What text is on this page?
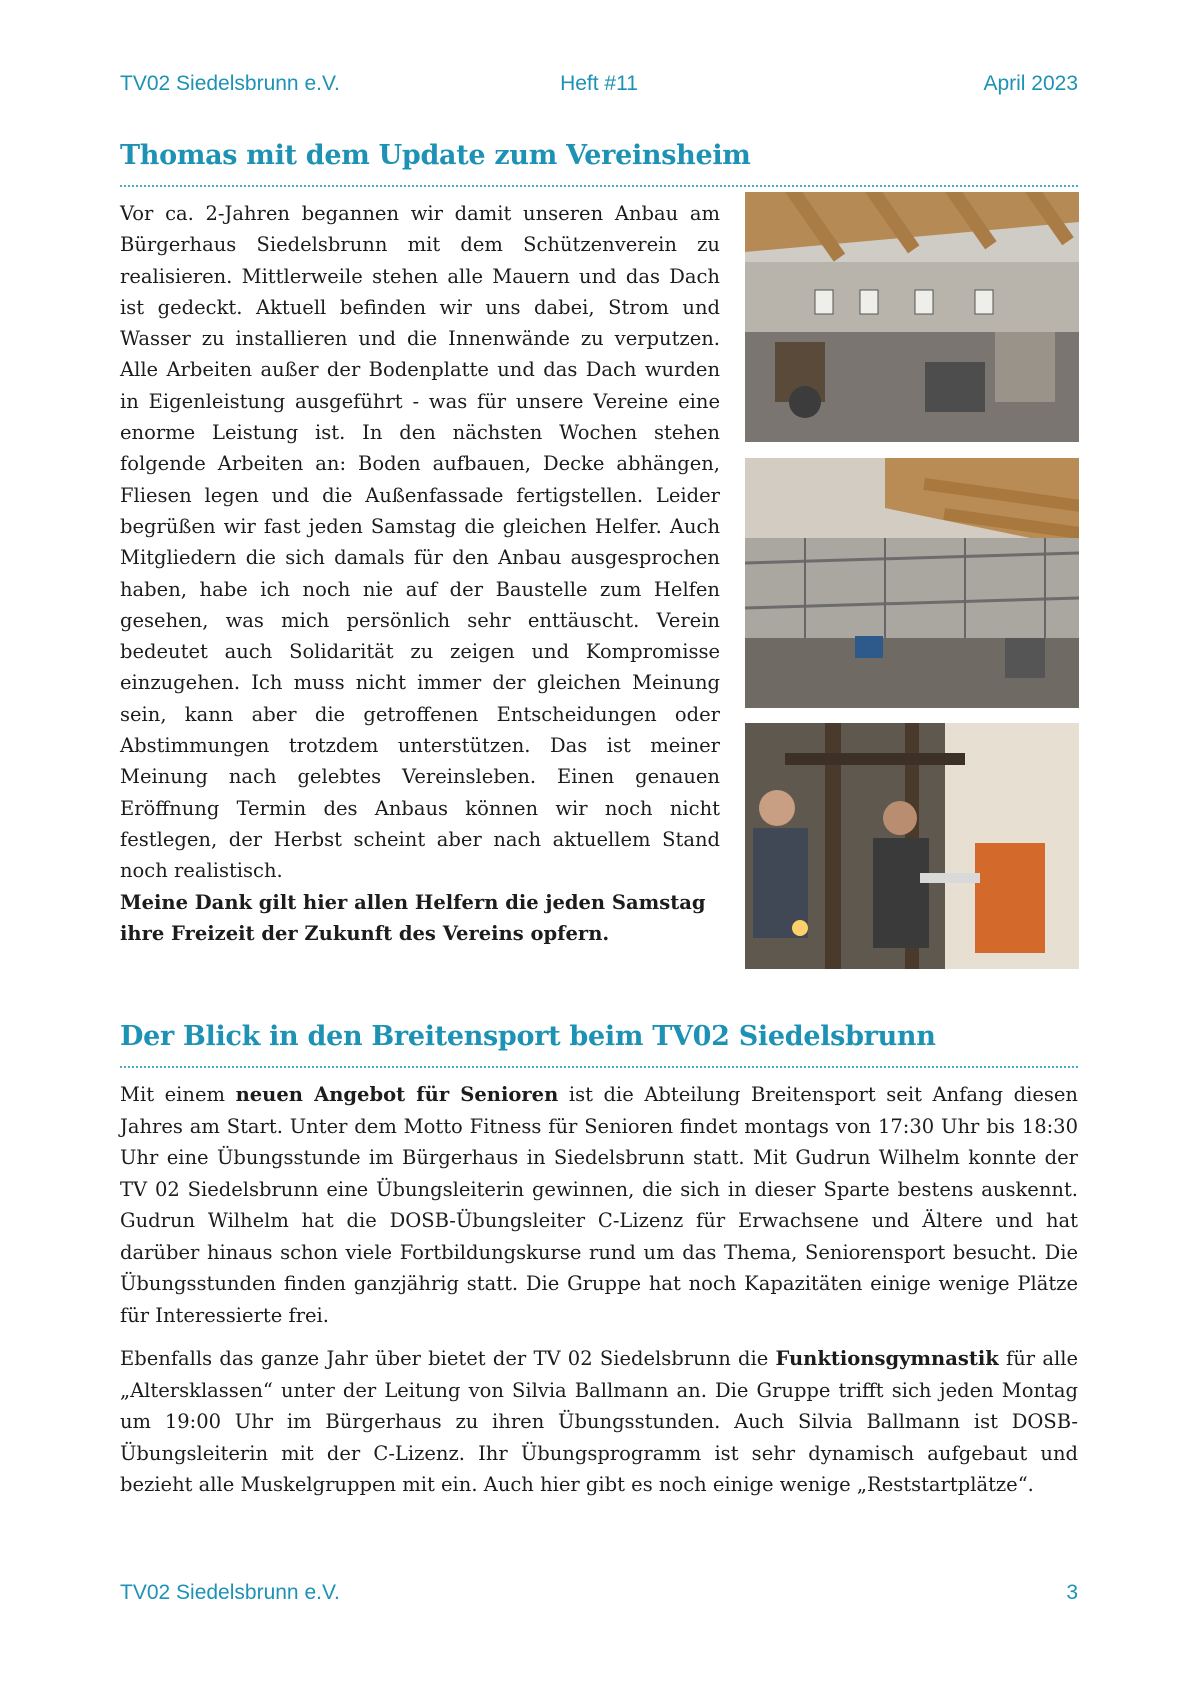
TV02 Siedelsbrunn e.V.	Heft #11	April 2023
Thomas mit dem Update zum Vereinsheim

Vor ca. 2-Jahren begannen wir damit unseren Anbau am Bürgerhaus Siedelsbrunn mit dem Schützenverein zu realisieren. Mittlerweile stehen alle Mauern und das Dach ist gedeckt. Aktuell befinden wir uns dabei, Strom und Wasser zu installieren und die Innenwände zu verputzen. Alle Arbeiten außer der Bodenplatte und das Dach wurden in Eigenleistung ausgeführt - was für unsere Vereine eine enorme Leistung ist. In den nächsten Wochen stehen folgende Arbeiten an: Boden aufbauen, Decke abhängen, Fliesen legen und die Außenfassade fertigstellen. Leider begrüßen wir fast jeden Samstag die gleichen Helfer. Auch Mitgliedern die sich damals für den Anbau ausgesprochen haben, habe ich noch nie auf der Baustelle zum Helfen gesehen, was mich persönlich sehr enttäuscht. Verein bedeutet auch Solidarität zu zeigen und Kompromisse einzugehen. Ich muss nicht immer der gleichen Meinung sein, kann aber die getroffenen Entscheidungen oder Abstimmungen trotzdem unterstützen. Das ist meiner Meinung nach gelebtes Vereinsleben. Einen genauen Eröffnung Termin des Anbaus können wir noch nicht festlegen, der Herbst scheint aber nach aktuellem Stand noch realistisch.

Meine Dank gilt hier allen Helfern die jeden Samstag ihre Freizeit der Zukunft des Vereins opfern.

Der Blick in den Breitensport beim TV02 Siedelsbrunn

Mit einem neuen Angebot für Senioren ist die Abteilung Breitensport seit Anfang diesen Jahres am Start. Unter dem Motto Fitness für Senioren findet montags von 17:30 Uhr bis 18:30 Uhr eine Übungsstunde im Bürgerhaus in Siedelsbrunn statt. Mit Gudrun Wilhelm konnte der TV 02 Siedelsbrunn eine Übungsleiterin gewinnen, die sich in dieser Sparte bestens auskennt. Gudrun Wilhelm hat die DOSB-Übungsleiter C-Lizenz für Erwachsene und Ältere und hat darüber hinaus schon viele Fortbildungskurse rund um das Thema, Seniorensport besucht. Die Übungsstunden finden ganzjährig statt. Die Gruppe hat noch Kapazitäten einige wenige Plätze für Interessierte frei.

Ebenfalls das ganze Jahr über bietet der TV 02 Siedelsbrunn die Funktionsgymnastik für alle „Altersklassen“ unter der Leitung von Silvia Ballmann an. Die Gruppe trifft sich jeden Montag um 19:00 Uhr im Bürgerhaus zu ihren Übungsstunden. Auch Silvia Ballmann ist DOSB-Übungsleiterin mit der C-Lizenz. Ihr Übungsprogramm ist sehr dynamisch aufgebaut und bezieht alle Muskelgruppen mit ein. Auch hier gibt es noch einige wenige „Reststartplätze“.

TV02 Siedelsbrunn e.V.	3
